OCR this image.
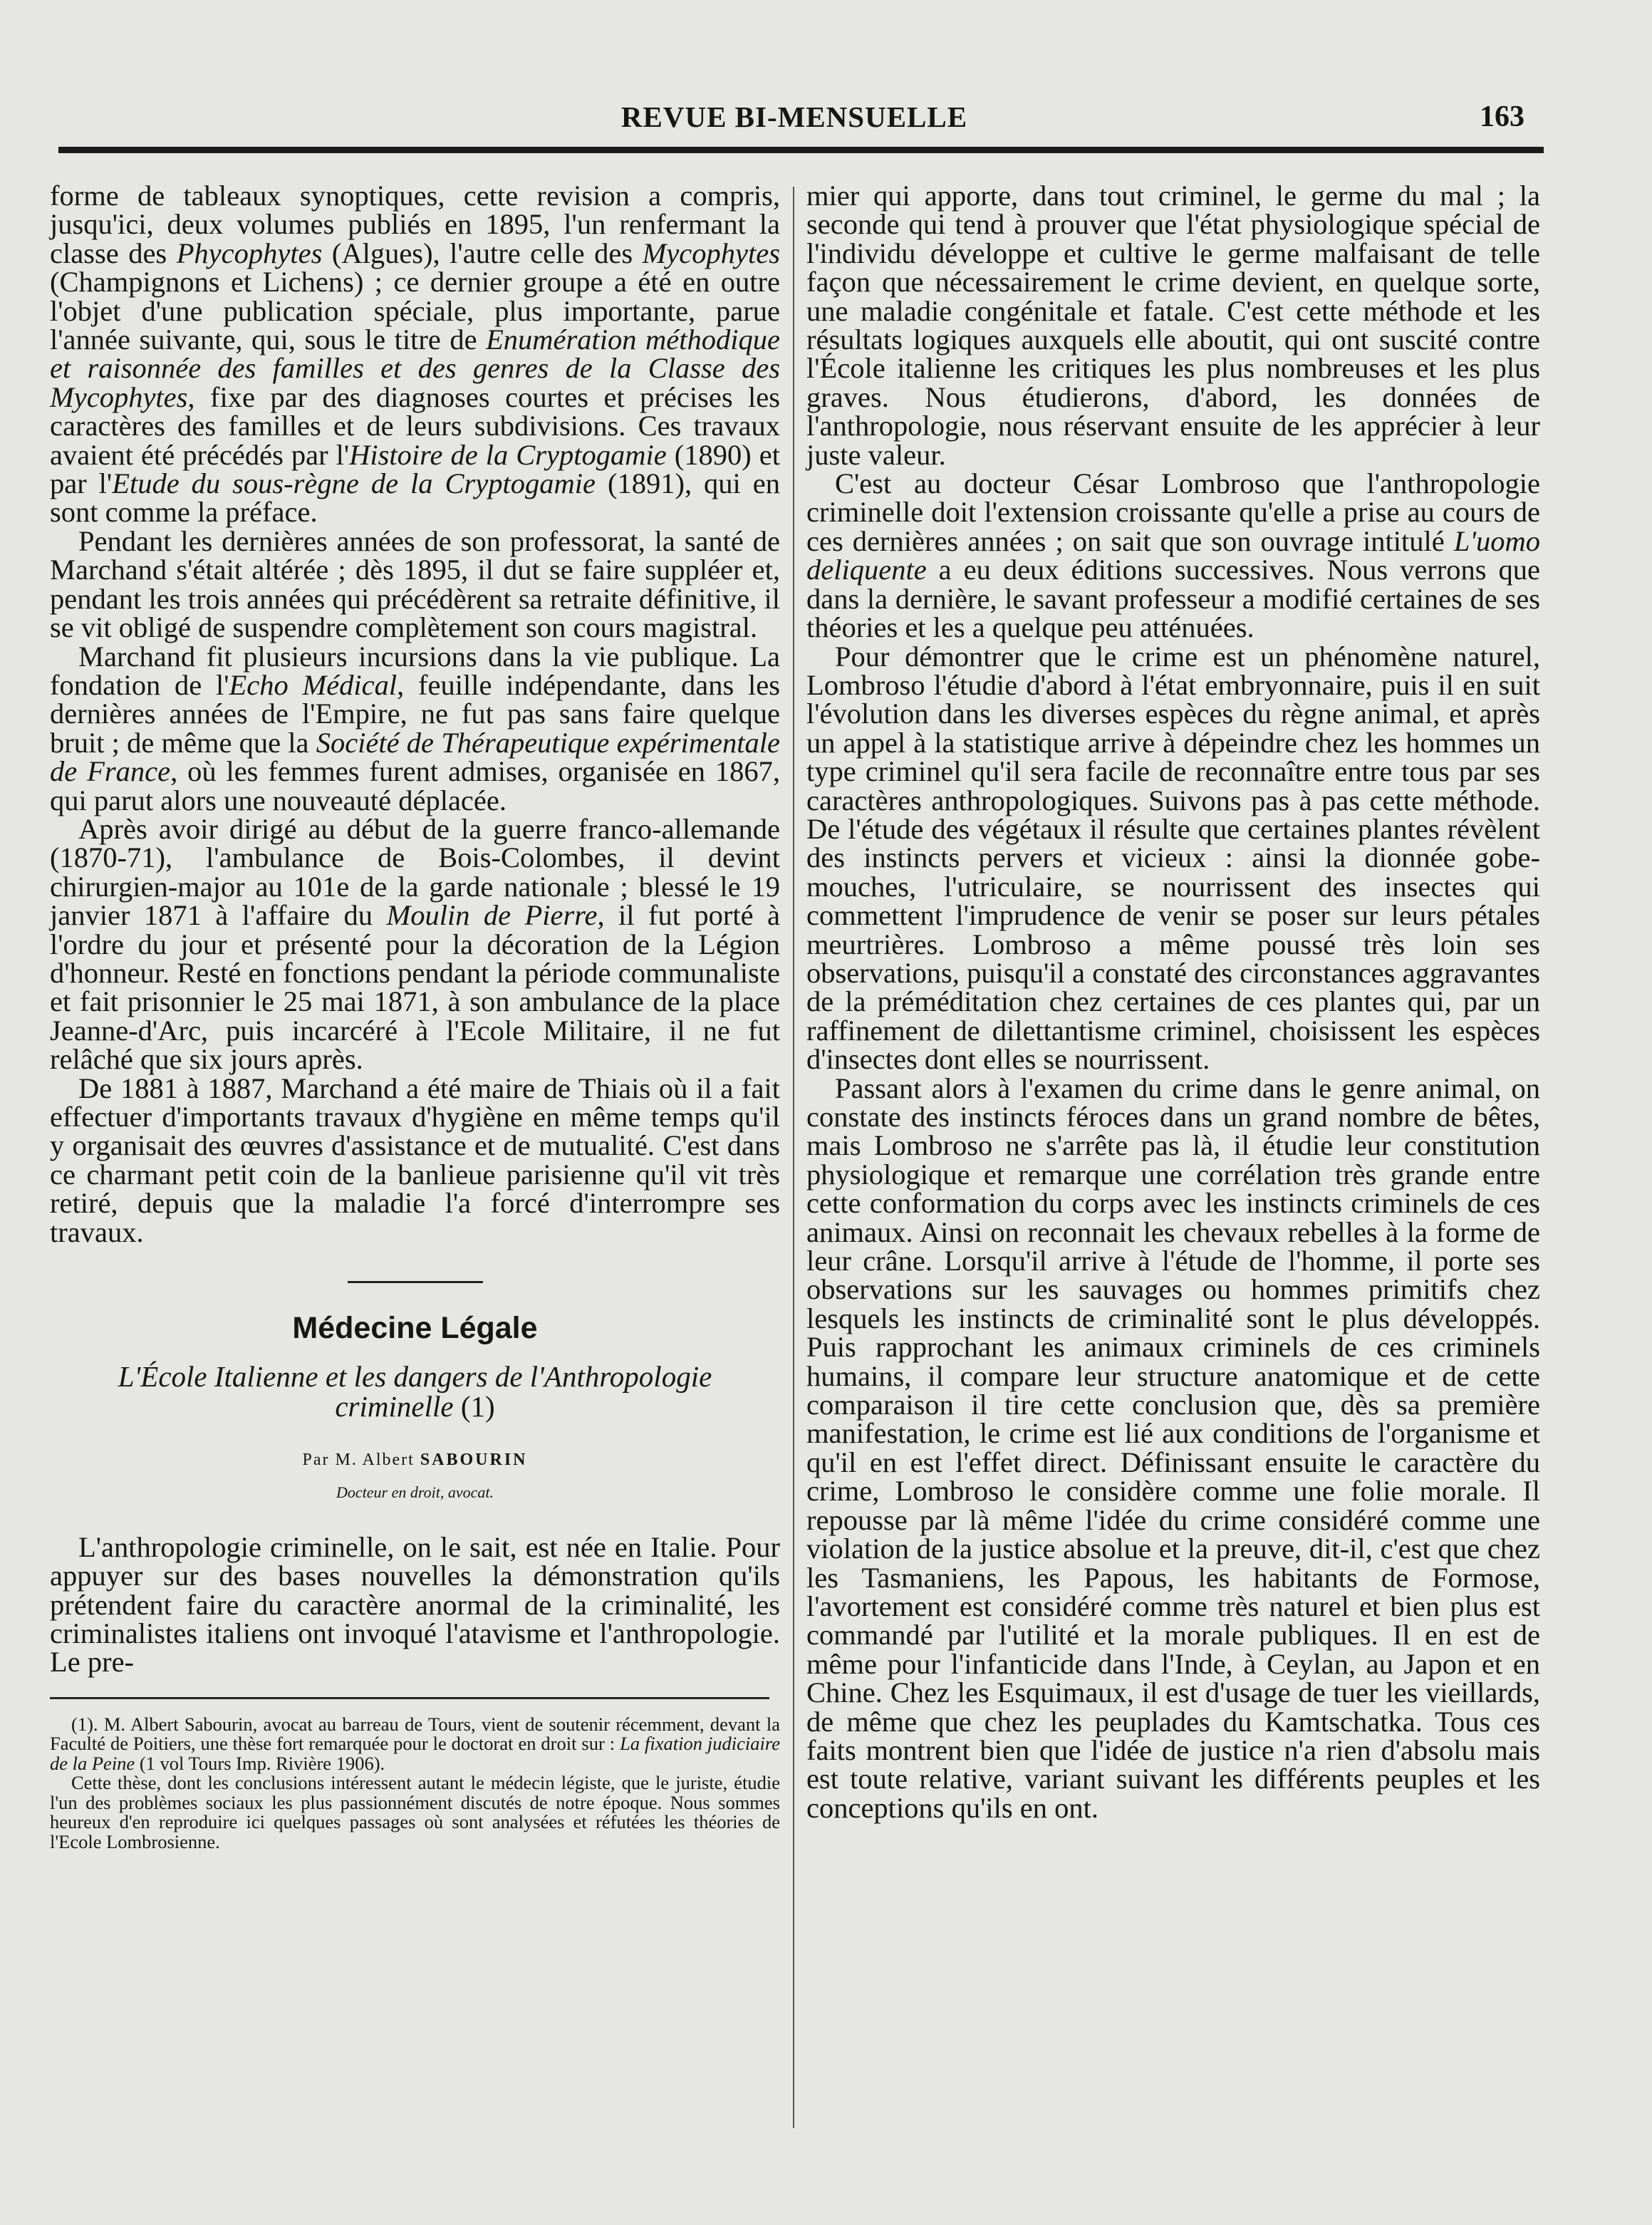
REVUE BI-MENSUELLE	163

forme de tableaux synoptiques, cette revision a compris, jusqu'ici, deux volumes publiés en 1895, l'un renfermant la classe des Phycophytes (Algues), l'autre celle des Mycophytes (Champignons et Lichens) ; ce dernier groupe a été en outre l'objet d'une publication spéciale, plus importante, parue l'année suivante, qui, sous le titre de Enumération méthodique et raisonnée des familles et des genres de la Classe des Mycophytes, fixe par des diagnoses courtes et précises les caractères des familles et de leurs subdivisions. Ces travaux avaient été précédés par l'Histoire de la Cryptogamie (1890) et par l'Etude du sous-règne de la Cryptogamie (1891), qui en sont comme la préface.

Pendant les dernières années de son professorat, la santé de Marchand s'était altérée ; dès 1895, il dut se faire suppléer et, pendant les trois années qui précédèrent sa retraite définitive, il se vit obligé de suspendre complètement son cours magistral.

Marchand fit plusieurs incursions dans la vie publique. La fondation de l'Echo Médical, feuille indépendante, dans les dernières années de l'Empire, ne fut pas sans faire quelque bruit ; de même que la Société de Thérapeutique expérimentale de France, où les femmes furent admises, organisée en 1867, qui parut alors une nouveauté déplacée.

Après avoir dirigé au début de la guerre franco-allemande (1870-71), l'ambulance de Bois-Colombes, il devint chirurgien-major au 101e de la garde nationale ; blessé le 19 janvier 1871 à l'affaire du Moulin de Pierre, il fut porté à l'ordre du jour et présenté pour la décoration de la Légion d'honneur. Resté en fonctions pendant la période communaliste et fait prisonnier le 25 mai 1871, à son ambulance de la place Jeanne-d'Arc, puis incarcéré à l'Ecole Militaire, il ne fut relâché que six jours après.

De 1881 à 1887, Marchand a été maire de Thiais où il a fait effectuer d'importants travaux d'hygiène en même temps qu'il y organisait des œuvres d'assistance et de mutualité. C'est dans ce charmant petit coin de la banlieue parisienne qu'il vit très retiré, depuis que la maladie l'a forcé d'interrompre ses travaux.

Médecine Légale
L'École Italienne et les dangers de l'Anthropologie criminelle (1)
Par M. Albert SABOURIN
Docteur en droit, avocat.

L'anthropologie criminelle, on le sait, est née en Italie. Pour appuyer sur des bases nouvelles la démonstration qu'ils prétendent faire du caractère anormal de la criminalité, les criminalistes italiens ont invoqué l'atavisme et l'anthropologie. Le pre-

(1). M. Albert Sabourin, avocat au barreau de Tours, vient de soutenir récemment, devant la Faculté de Poitiers, une thèse fort remarquée pour le doctorat en droit sur : La fixation judiciaire de la Peine (1 vol Tours Imp. Rivière 1906).

Cette thèse, dont les conclusions intéressent autant le médecin légiste, que le juriste, étudie l'un des problèmes sociaux les plus passionnément discutés de notre époque. Nous sommes heureux d'en reproduire ici quelques passages où sont analysées et réfutées les théories de l'Ecole Lombrosienne.

mier qui apporte, dans tout criminel, le germe du mal ; la seconde qui tend à prouver que l'état physiologique spécial de l'individu développe et cultive le germe malfaisant de telle façon que nécessairement le crime devient, en quelque sorte, une maladie congénitale et fatale. C'est cette méthode et les résultats logiques auxquels elle aboutit, qui ont suscité contre l'École italienne les critiques les plus nombreuses et les plus graves. Nous étudierons, d'abord, les données de l'anthropologie, nous réservant ensuite de les apprécier à leur juste valeur.

C'est au docteur César Lombroso que l'anthropologie criminelle doit l'extension croissante qu'elle a prise au cours de ces dernières années ; on sait que son ouvrage intitulé L'uomo deliquente a eu deux éditions successives. Nous verrons que dans la dernière, le savant professeur a modifié certaines de ses théories et les a quelque peu atténuées.

Pour démontrer que le crime est un phénomène naturel, Lombroso l'étudie d'abord à l'état embryonnaire, puis il en suit l'évolution dans les diverses espèces du règne animal, et après un appel à la statistique arrive à dépeindre chez les hommes un type criminel qu'il sera facile de reconnaître entre tous par ses caractères anthropologiques. Suivons pas à pas cette méthode. De l'étude des végétaux il résulte que certaines plantes révèlent des instincts pervers et vicieux : ainsi la dionnée gobe-mouches, l'utriculaire, se nourrissent des insectes qui commettent l'imprudence de venir se poser sur leurs pétales meurtrières. Lombroso a même poussé très loin ses observations, puisqu'il a constaté des circonstances aggravantes de la préméditation chez certaines de ces plantes qui, par un raffinement de dilettantisme criminel, choisissent les espèces d'insectes dont elles se nourrissent.

Passant alors à l'examen du crime dans le genre animal, on constate des instincts féroces dans un grand nombre de bêtes, mais Lombroso ne s'arrête pas là, il étudie leur constitution physiologique et remarque une corrélation très grande entre cette conformation du corps avec les instincts criminels de ces animaux. Ainsi on reconnait les chevaux rebelles à la forme de leur crâne. Lorsqu'il arrive à l'étude de l'homme, il porte ses observations sur les sauvages ou hommes primitifs chez lesquels les instincts de criminalité sont le plus développés. Puis rapprochant les animaux criminels de ces criminels humains, il compare leur structure anatomique et de cette comparaison il tire cette conclusion que, dès sa première manifestation, le crime est lié aux conditions de l'organisme et qu'il en est l'effet direct. Définissant ensuite le caractère du crime, Lombroso le considère comme une folie morale. Il repousse par là même l'idée du crime considéré comme une violation de la justice absolue et la preuve, dit-il, c'est que chez les Tasmaniens, les Papous, les habitants de Formose, l'avortement est considéré comme très naturel et bien plus est commandé par l'utilité et la morale publiques. Il en est de même pour l'infanticide dans l'Inde, à Ceylan, au Japon et en Chine. Chez les Esquimaux, il est d'usage de tuer les vieillards, de même que chez les peuplades du Kamtschatka. Tous ces faits montrent bien que l'idée de justice n'a rien d'absolu mais est toute relative, variant suivant les différents peuples et les conceptions qu'ils en ont.
